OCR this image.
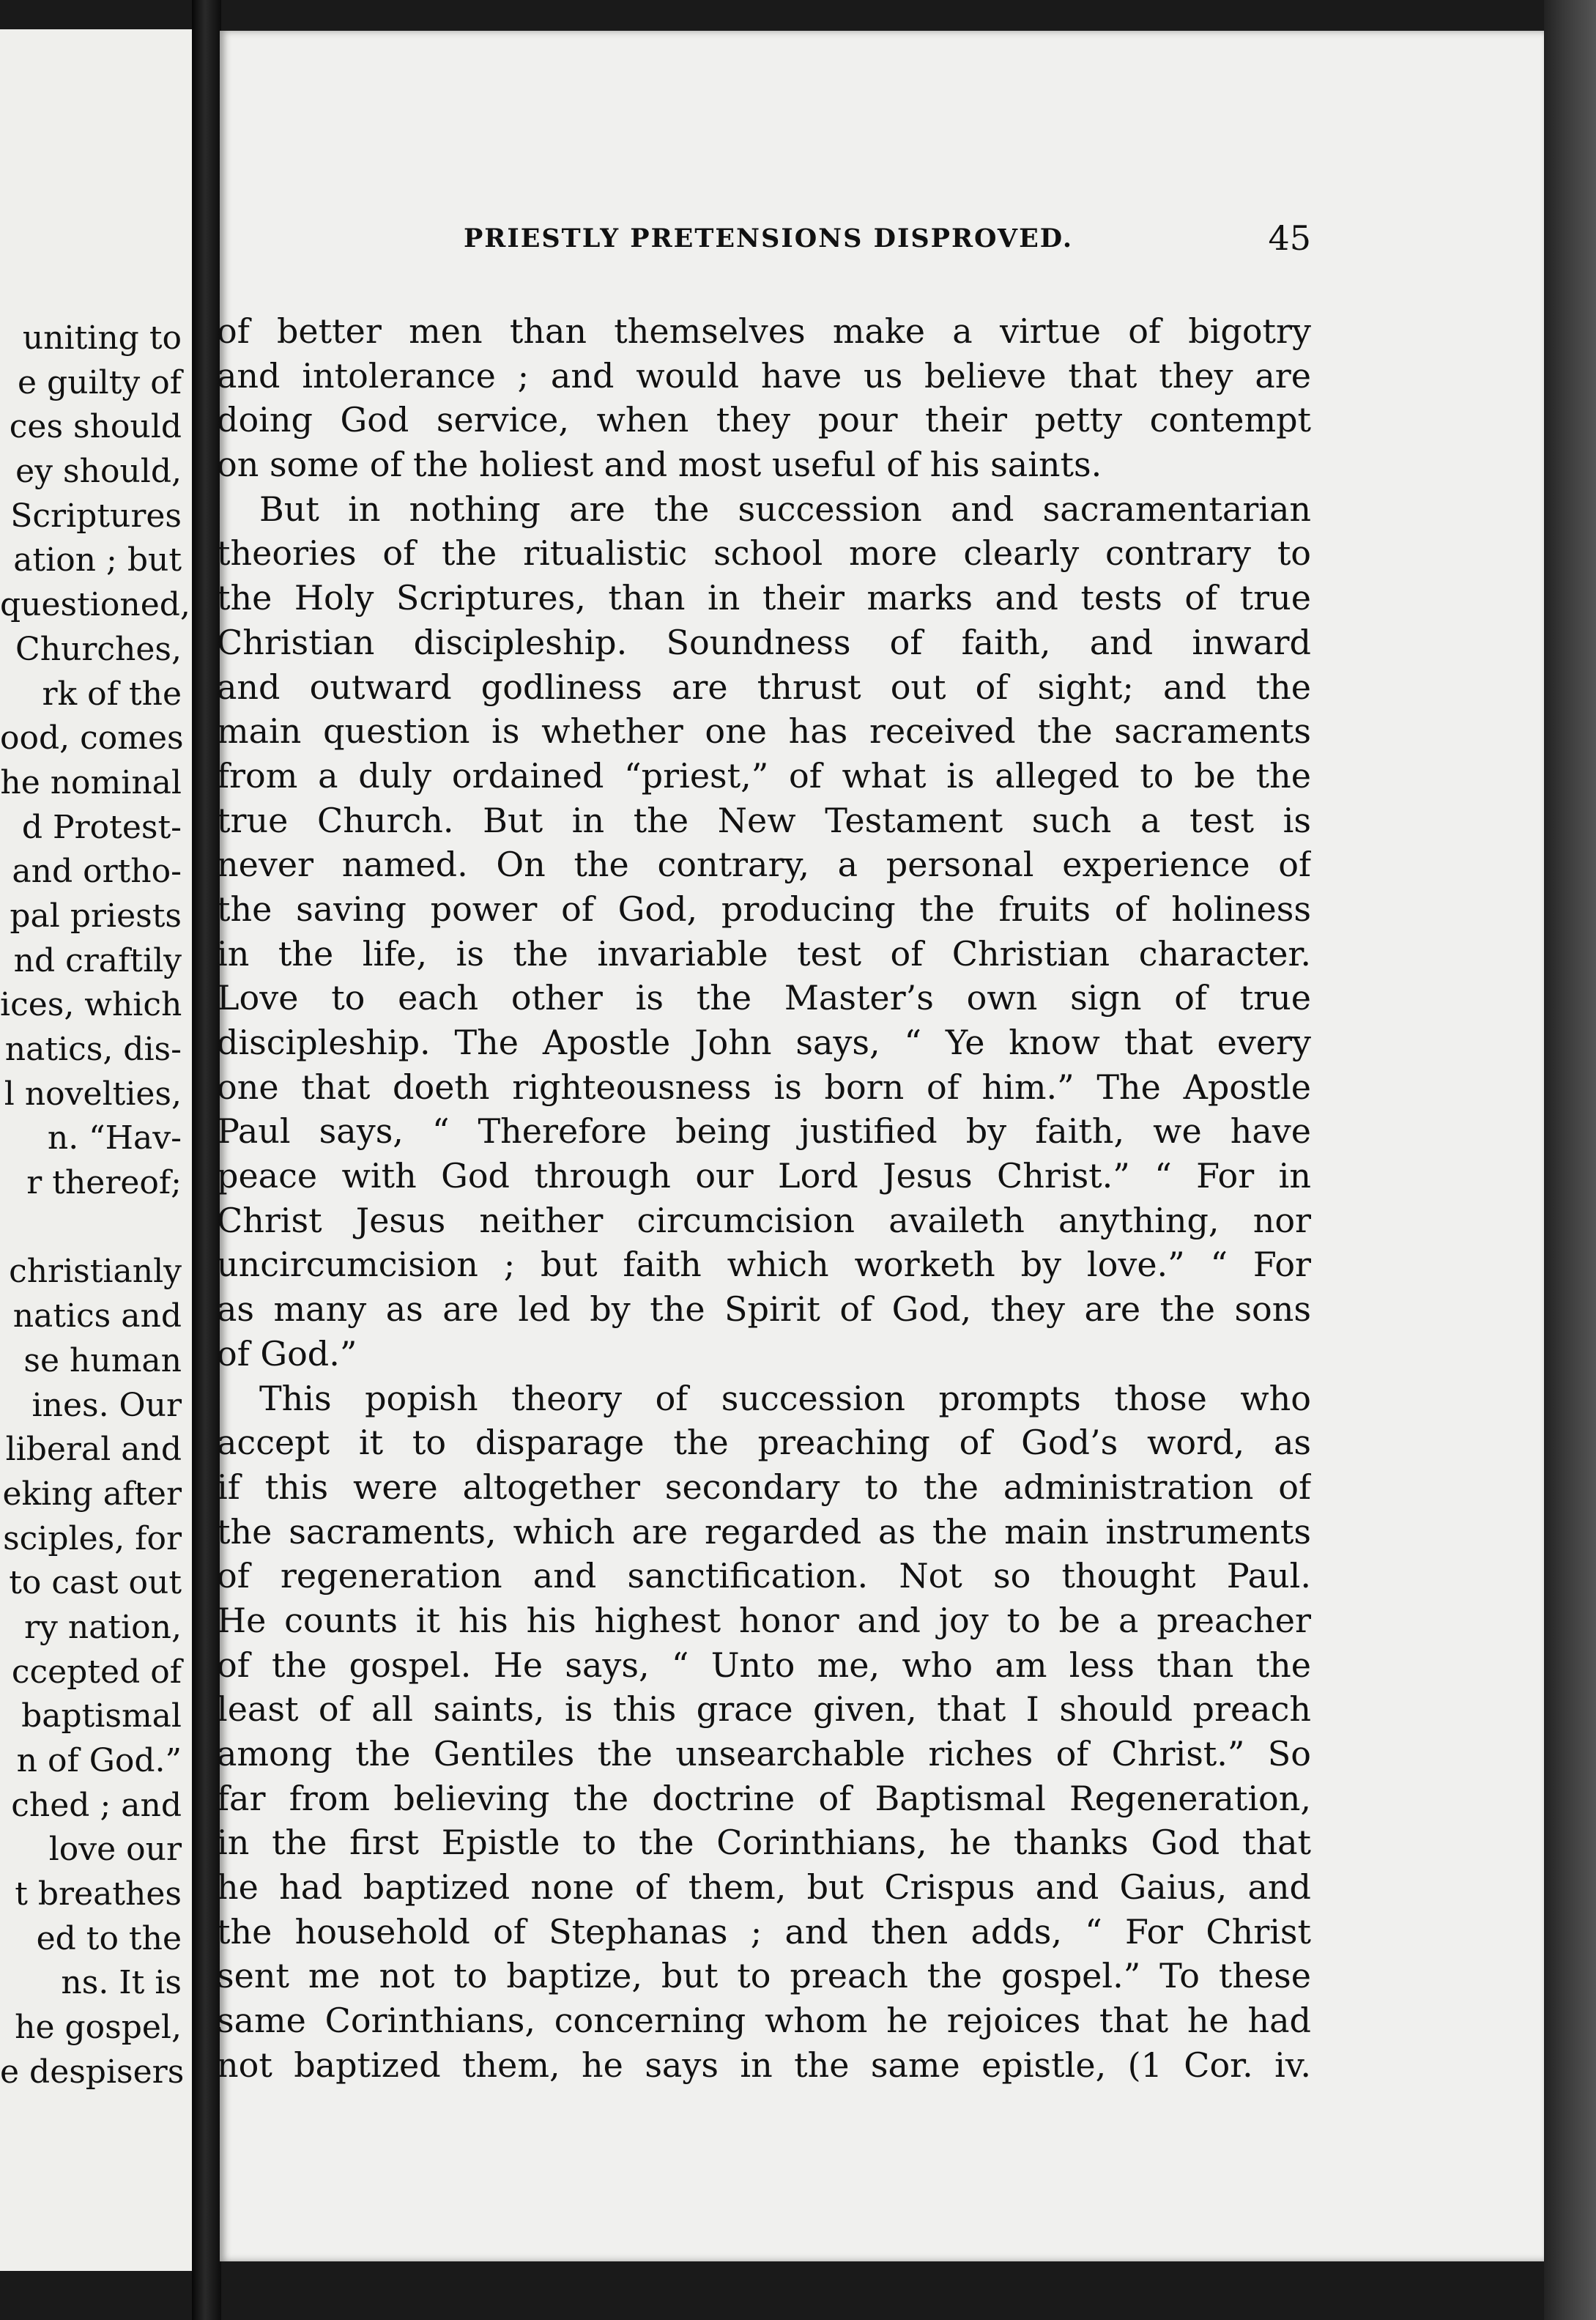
uniting to
e guilty of
ces should
ey should,
Scriptures
ation ; but
questioned,
Churches,
rk of the
ood, comes
he nominal
d Protest-
and ortho-
pal priests
nd craftily
ices, which
natics, dis-
l novelties,
n. “Hav-
r thereof;
christianly
natics and
se human
ines. Our
liberal and
eking after
sciples, for
to cast out
ry nation,
ccepted of
baptismal
n of God.”
ched ; and
love our
t breathes
ed to the
ns. It is
he gospel,
e despisers
PRIESTLY PRETENSIONS DISPROVED.	45
of better men than themselves make a virtue of bigotry
and intolerance ; and would have us believe that they are
doing God service, when they pour their petty contempt
on some of the holiest and most useful of his saints.
But in nothing are the succession and sacramentarian
theories of the ritualistic school more clearly contrary to
the Holy Scriptures, than in their marks and tests of true
Christian discipleship. Soundness of faith, and inward
and outward godliness are thrust out of sight; and the
main question is whether one has received the sacraments
from a duly ordained “priest,” of what is alleged to be the
true Church. But in the New Testament such a test is
never named. On the contrary, a personal experience of
the saving power of God, producing the fruits of holiness
in the life, is the invariable test of Christian character.
Love to each other is the Master’s own sign of true
discipleship. The Apostle John says, “ Ye know that every
one that doeth righteousness is born of him.” The Apostle
Paul says, “ Therefore being justified by faith, we have
peace with God through our Lord Jesus Christ.” “ For in
Christ Jesus neither circumcision availeth anything, nor
uncircumcision ; but faith which worketh by love.” “ For
as many as are led by the Spirit of God, they are the sons
of God.”
This popish theory of succession prompts those who
accept it to disparage the preaching of God’s word, as
if this were altogether secondary to the administration of
the sacraments, which are regarded as the main instruments
of regeneration and sanctification. Not so thought Paul.
He counts it his his highest honor and joy to be a preacher
of the gospel. He says, “ Unto me, who am less than the
least of all saints, is this grace given, that I should preach
among the Gentiles the unsearchable riches of Christ.” So
far from believing the doctrine of Baptismal Regeneration,
in the first Epistle to the Corinthians, he thanks God that
he had baptized none of them, but Crispus and Gaius, and
the household of Stephanas ; and then adds, “ For Christ
sent me not to baptize, but to preach the gospel.” To these
same Corinthians, concerning whom he rejoices that he had
not baptized them, he says in the same epistle, (1 Cor. iv.
